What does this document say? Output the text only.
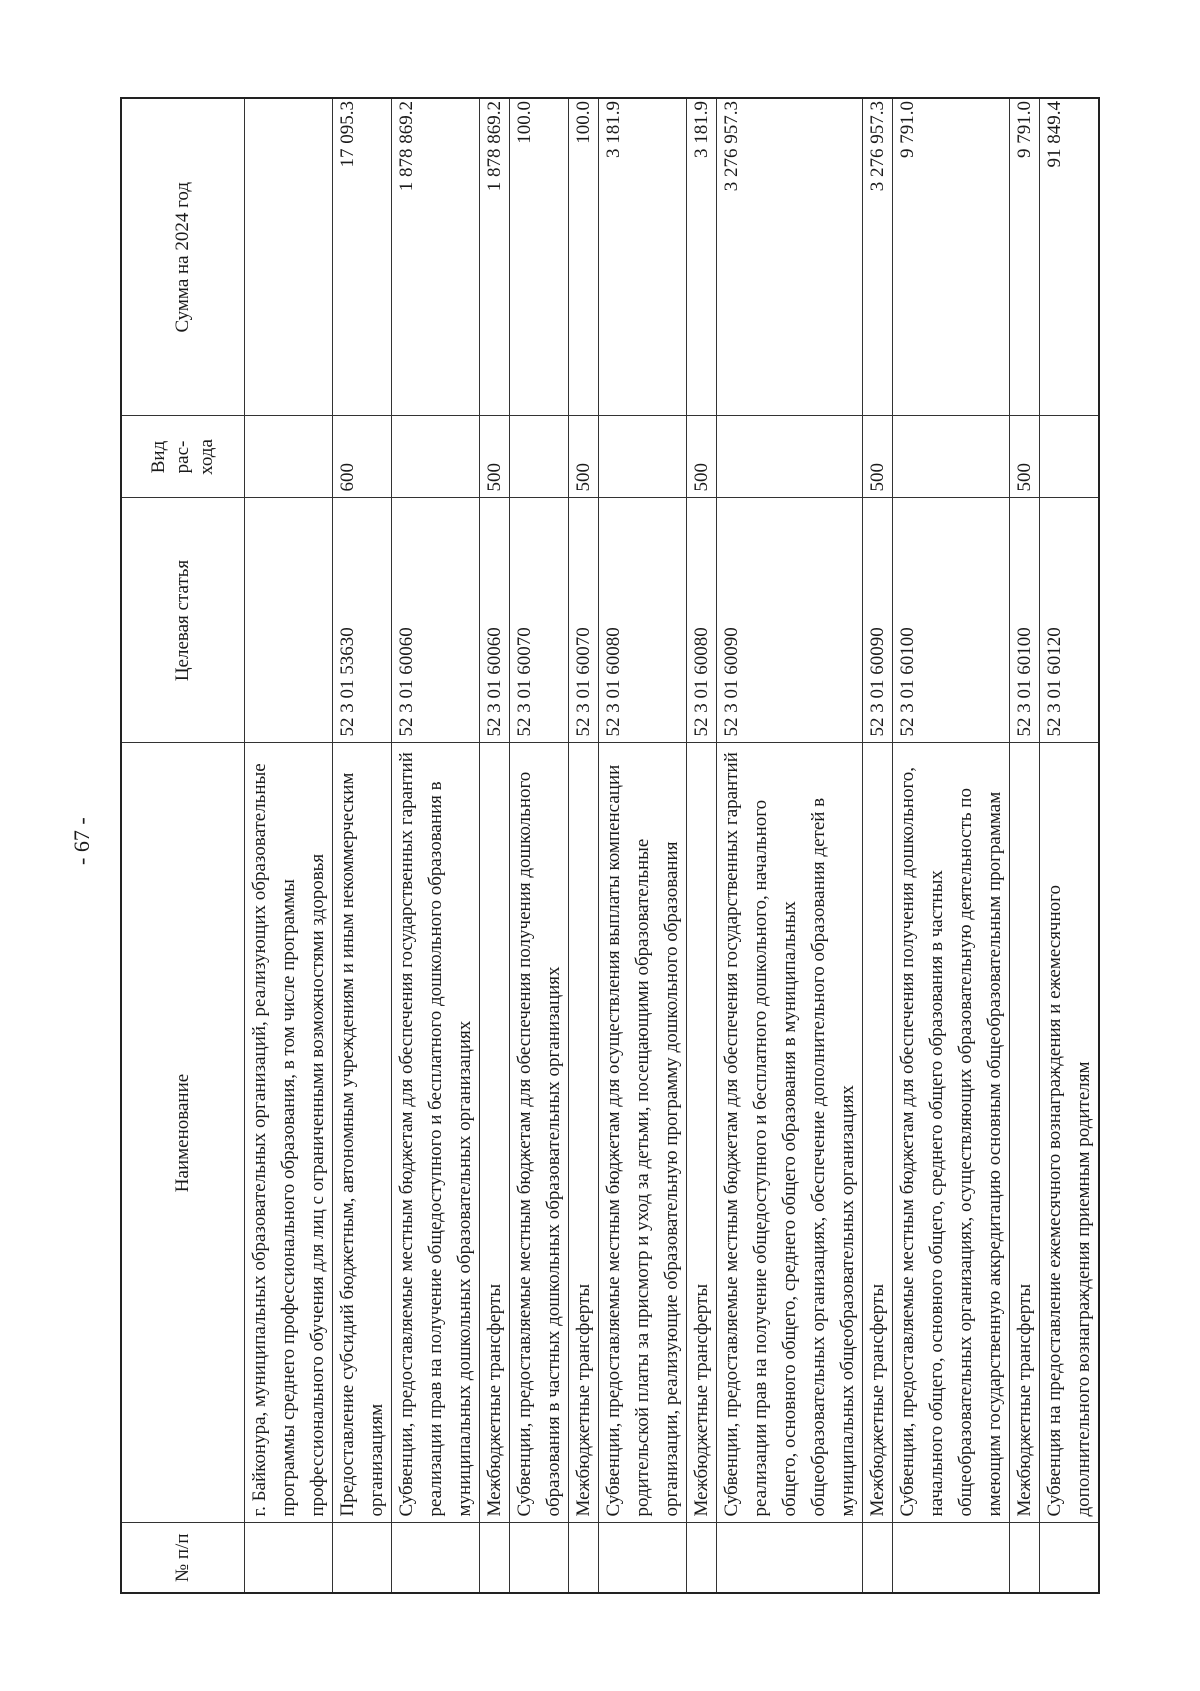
- 67 -
№ п/п	Наименование	Целевая статья	Вид рас- хода	Сумма на 2024 год
	г. Байконура, муниципальных образовательных организаций, реализующих образовательные программы среднего профессионального образования, в том числе программы профессионального обучения для лиц с ограниченными возможностями здоровья			
	Предоставление субсидий бюджетным, автономным учреждениям и иным некоммерческим организациям	52 3 01 53630	600	17 095.3
	Субвенции, предоставляемые местным бюджетам для обеспечения государственных гарантий реализации прав на получение общедоступного и бесплатного дошкольного образования в муниципальных дошкольных образовательных организациях	52 3 01 60060		1 878 869.2
	Межбюджетные трансферты	52 3 01 60060	500	1 878 869.2
	Субвенции, предоставляемые местным бюджетам для обеспечения получения дошкольного образования в частных дошкольных образовательных организациях	52 3 01 60070		100.0
	Межбюджетные трансферты	52 3 01 60070	500	100.0
	Субвенции, предоставляемые местным бюджетам для осуществления выплаты компенсации родительской платы за присмотр и уход за детьми, посещающими образовательные организации, реализующие образовательную программу дошкольного образования	52 3 01 60080		3 181.9
	Межбюджетные трансферты	52 3 01 60080	500	3 181.9
	Субвенции, предоставляемые местным бюджетам для обеспечения государственных гарантий реализации прав на получение общедоступного и бесплатного дошкольного, начального общего, основного общего, среднего общего образования в муниципальных общеобразовательных организациях, обеспечение дополнительного образования детей в муниципальных общеобразовательных организациях	52 3 01 60090		3 276 957.3
	Межбюджетные трансферты	52 3 01 60090	500	3 276 957.3
	Субвенции, предоставляемые местным бюджетам для обеспечения получения дошкольного, начального общего, основного общего, среднего общего образования в частных общеобразовательных организациях, осуществляющих образовательную деятельность по имеющим государственную аккредитацию основным общеобразовательным программам	52 3 01 60100		9 791.0
	Межбюджетные трансферты	52 3 01 60100	500	9 791.0
	Субвенция на предоставление ежемесячного вознаграждения и ежемесячного дополнительного вознаграждения приемным родителям	52 3 01 60120		91 849.4
